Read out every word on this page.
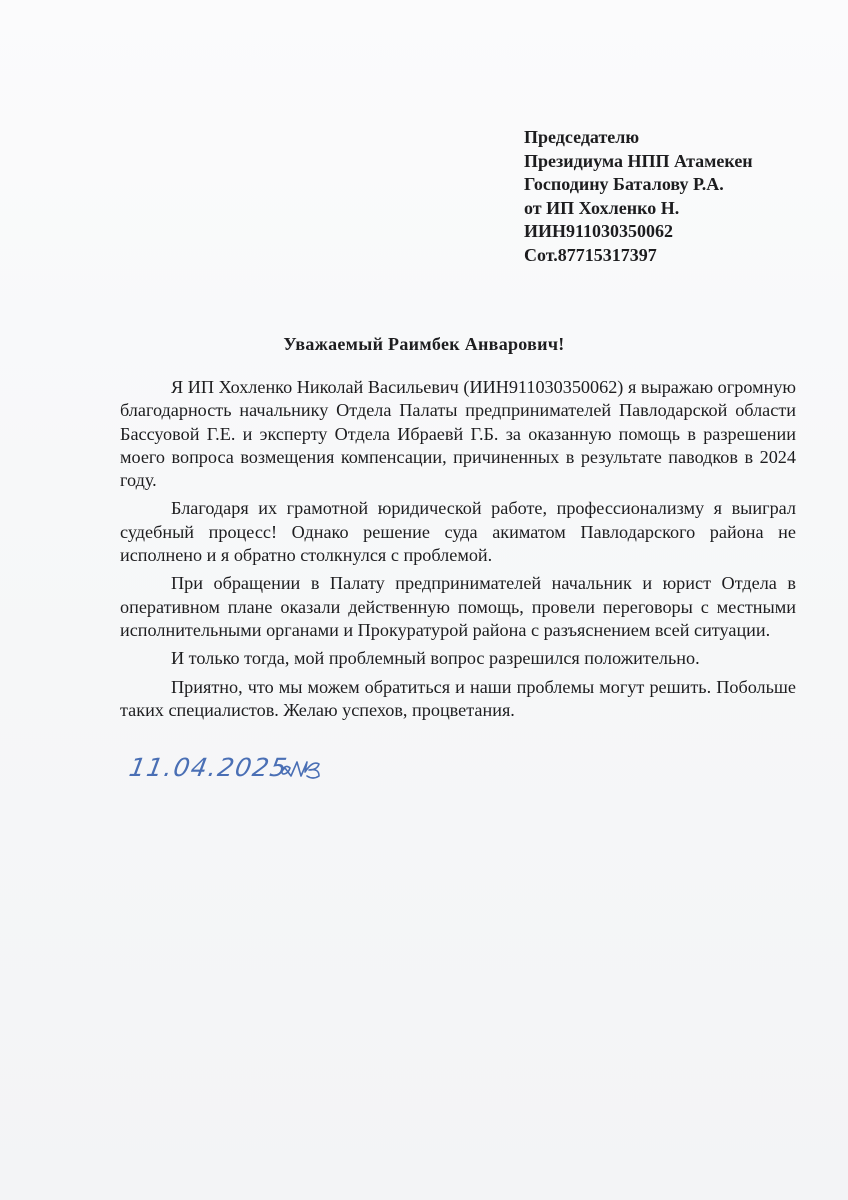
Председателю
Президиума НПП Атамекен
Господину Баталову Р.А.
от ИП Хохленко Н.
ИИН911030350062
Сот.87715317397
Уважаемый Раимбек Анварович!

Я ИП Хохленко Николай Васильевич (ИИН911030350062) я выражаю огромную благодарность начальнику Отдела Палаты предпринимателей Павлодарской области Бассуовой Г.Е. и эксперту Отдела Ибраевй Г.Б. за оказанную помощь в разрешении моего вопроса возмещения компенсации, причиненных в результате паводков в 2024 году.

Благодаря их грамотной юридической работе, профессионализму я выиграл судебный процесс! Однако решение суда акиматом Павлодарского района не исполнено и я обратно столкнулся с проблемой.

При обращении в Палату предпринимателей начальник и юрист Отдела в оперативном плане оказали действенную помощь, провели переговоры с местными исполнительными органами и Прокуратурой района с разъяснением всей ситуации.

И только тогда, мой проблемный вопрос разрешился положительно.

Приятно, что мы можем обратиться и наши проблемы могут решить. Побольше таких специалистов. Желаю успехов, процветания.

11.04.2025
